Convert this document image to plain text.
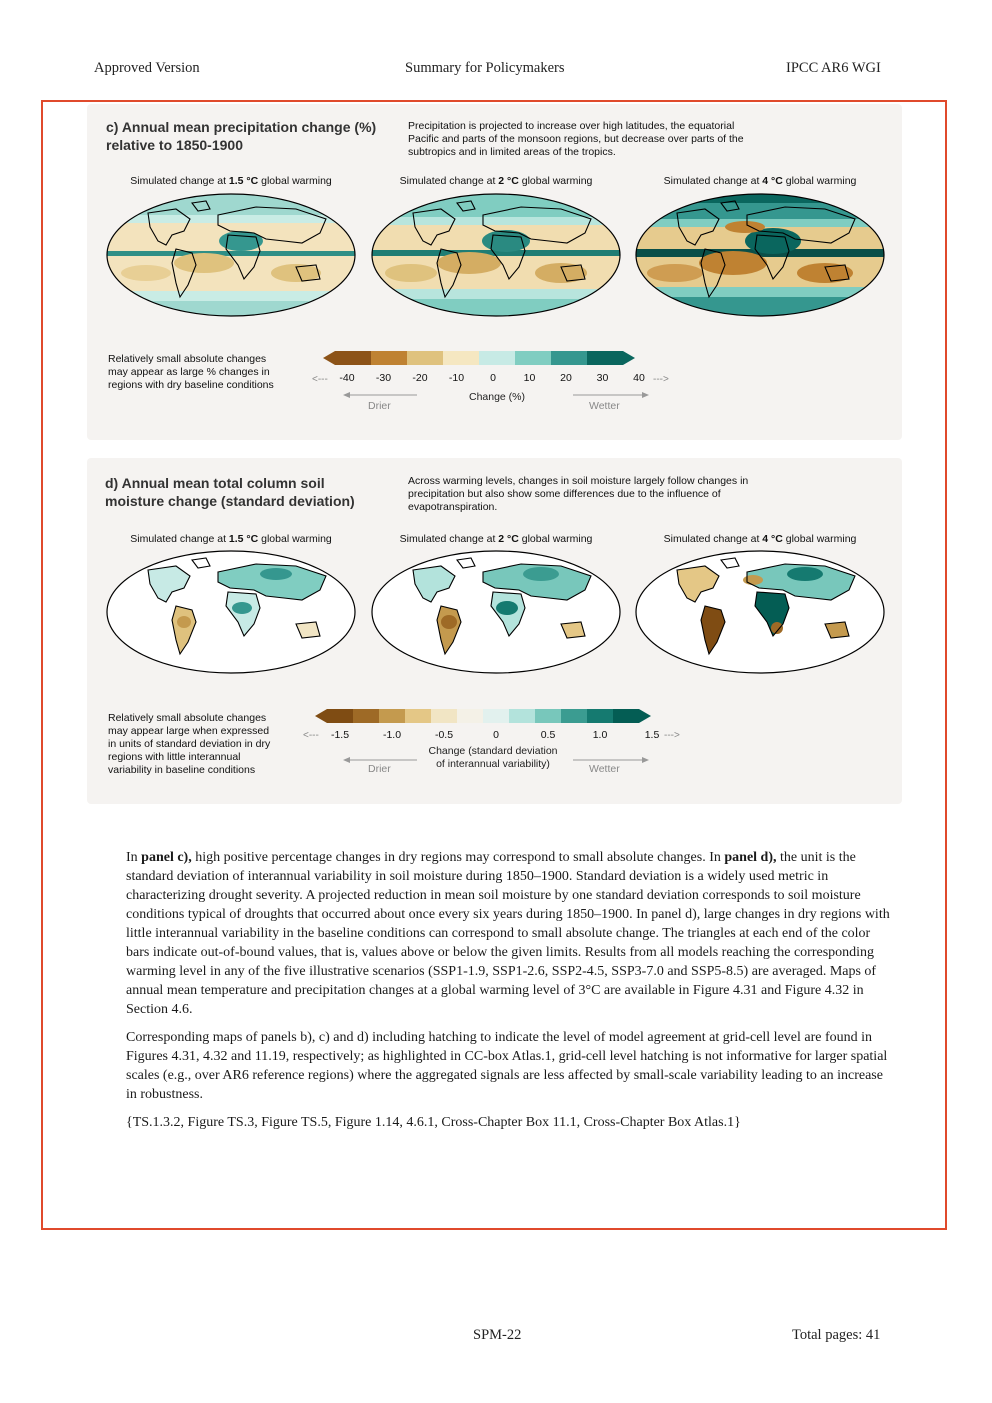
Approved Version	Summary for Policymakers	IPCC AR6 WGI
c) Annual mean precipitation change (%)
relative to 1850-1900
Precipitation is projected to increase over high latitudes, the equatorial
Pacific and parts of the monsoon regions, but decrease over parts of the
subtropics and in limited areas of the tropics.
Simulated change at 1.5 °C global warming	Simulated change at 2 °C global warming	Simulated change at 4 °C global warming
Relatively small absolute changes
may appear as large % changes in
regions with dry baseline conditions	<---	--->
-40 -30 -20 -10 0	10 20 30 40
Change (%)
Drier	Wetter
d) Annual mean total column soil
moisture change (standard deviation)
Across warming levels, changes in soil moisture largely follow changes in
precipitation but also show some differences due to the influence of
evapotranspiration.
Simulated change at 1.5 °C global warming	Simulated change at 2 °C global warming	Simulated change at 4 °C global warming
Relatively small absolute changes
may appear large when expressed
in units of standard deviation in dry
regions with little interannual
variability in baseline conditions
<---	--->
-1.5	-1.0	-0.5	0	0.5	1.0	1.5
Change (standard deviation
of interannual variability)
Drier	Wetter

In panel c), high positive percentage changes in dry regions may correspond to small absolute changes. In panel d), the unit is the standard deviation of interannual variability in soil moisture during 1850–1900. Standard deviation is a widely used metric in characterizing drought severity. A projected reduction in mean soil moisture by one standard deviation corresponds to soil moisture conditions typical of droughts that occurred about once every six years during 1850–1900. In panel d), large changes in dry regions with little interannual variability in the baseline conditions can correspond to small absolute change. The triangles at each end of the color bars indicate out-of-bound values, that is, values above or below the given limits. Results from all models reaching the corresponding warming level in any of the five illustrative scenarios (SSP1-1.9, SSP1-2.6, SSP2-4.5, SSP3-7.0 and SSP5-8.5) are averaged. Maps of annual mean temperature and precipitation changes at a global warming level of 3°C are available in Figure 4.31 and Figure 4.32 in Section 4.6.

Corresponding maps of panels b), c) and d) including hatching to indicate the level of model agreement at grid-cell level are found in Figures 4.31, 4.32 and 11.19, respectively; as highlighted in CC-box Atlas.1, grid-cell level hatching is not informative for larger spatial scales (e.g., over AR6 reference regions) where the aggregated signals are less affected by small-scale variability leading to an increase in robustness.

{TS.1.3.2, Figure TS.3, Figure TS.5, Figure 1.14, 4.6.1, Cross-Chapter Box 11.1, Cross-Chapter Box Atlas.1}

SPM-22	Total pages: 41
